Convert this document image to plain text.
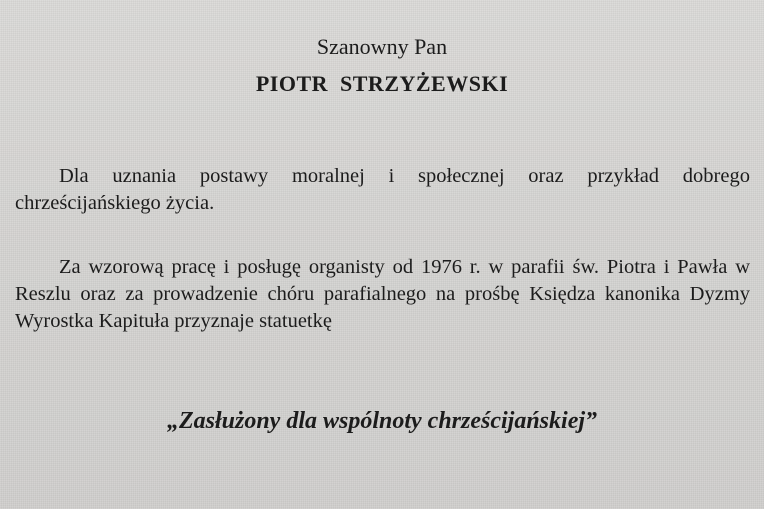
Szanowny Pan
PIOTR STRZYŻEWSKI
Dla uznania postawy moralnej i społecznej oraz przykład dobrego chrześcijańskiego życia.
Za wzorową pracę i posługę organisty od 1976 r. w parafii św. Piotra i Pawła w Reszlu oraz za prowadzenie chóru parafialnego na prośbę Księdza kanonika Dyzmy Wyrostka Kapituła przyznaje statuetkę
„Zasłużony dla wspólnoty chrześcijańskiej”
